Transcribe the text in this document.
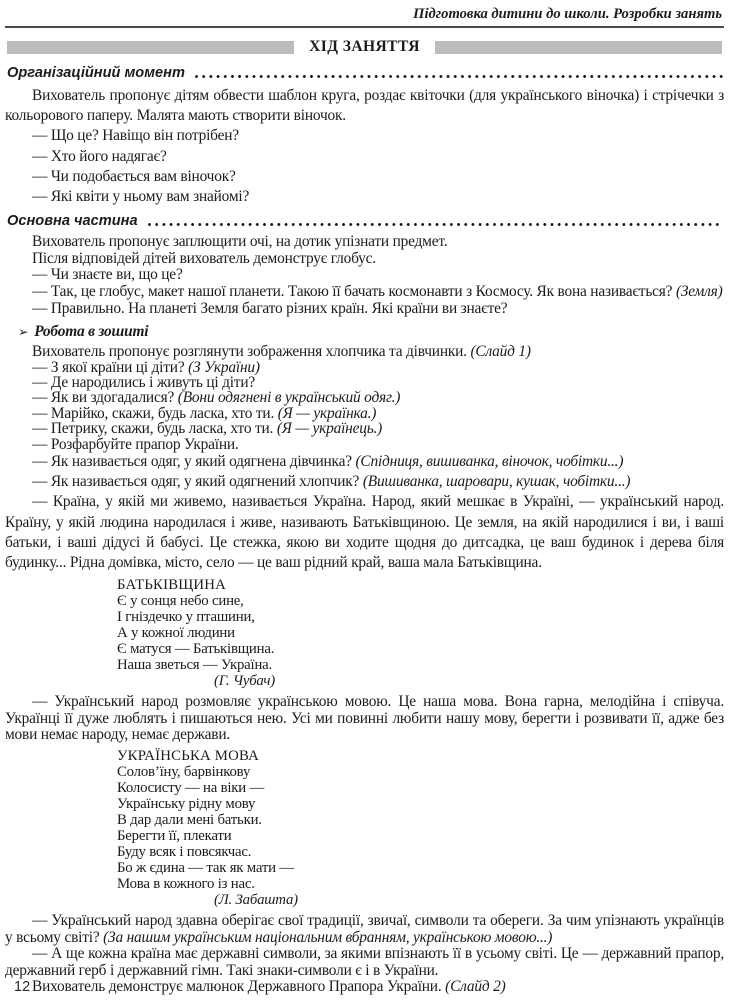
Підготовка дитини до школи. Розробки занять
ХІД ЗАНЯТТЯ
Організаційний момент

Вихователь пропонує дітям обвести шаблон круга, роздає квіточки (для українського віночка) і стрічечки з кольорового паперу. Малята мають створити віночок.

— Що це? Навіщо він потрібен?

— Хто його надягає?

— Чи подобається вам віночок?

— Які квіти у ньому вам знайомі?

Основна частина

Вихователь пропонує заплющити очі, на дотик упізнати предмет.

Після відповідей дітей вихователь демонструє глобус.

— Чи знаєте ви, що це?

— Так, це глобус, макет нашої планети. Такою її бачать космонавти з Космосу. Як вона називається? (Земля)

— Правильно. На планеті Земля багато різних країн. Які країни ви знаєте?

➢ Робота в зошиті

Вихователь пропонує розглянути зображення хлопчика та дівчинки. (Слайд 1)

— З якої країни ці діти? (З України)

— Де народились і живуть ці діти?

— Як ви здогадалися? (Вони одягнені в український одяг.)

— Марійко, скажи, будь ласка, хто ти. (Я — українка.)

— Петрику, скажи, будь ласка, хто ти. (Я — українець.)

— Розфарбуйте прапор України.

— Як називається одяг, у який одягнена дівчинка? (Спідниця, вишиванка, віночок, чобітки...)

— Як називається одяг, у який одягнений хлопчик? (Вишиванка, шаровари, кушак, чобітки...)

— Країна, у якій ми живемо, називається Україна. Народ, який мешкає в Україні, — український народ. Країну, у якій людина народилася і живе, називають Батьківщиною. Це земля, на якій народилися і ви, і ваші батьки, і ваші дідусі й бабусі. Це стежка, якою ви ходите щодня до дитсадка, це ваш будинок і дерева біля будинку... Рідна домівка, місто, село — це ваш рідний край, ваша мала Батьківщина.

БАТЬКІВЩИНА
Є у сонця небо сине,
І гніздечко у пташини,
А у кожної людини
Є матуся — Батьківщина.
Наша зветься — Україна.
(Г. Чубач)

— Український народ розмовляє українською мовою. Це наша мова. Вона гарна, мелодійна і співуча. Українці її дуже люблять і пишаються нею. Усі ми повинні любити нашу мову, берегти і розвивати її, адже без мови немає народу, немає держави.

УКРАЇНСЬКА МОВА
Солов’їну, барвінкову
Колосисту — на віки —
Українську рідну мову
В дар дали мені батьки.
Берегти її, плекати
Буду всяк і повсякчас.
Бо ж єдина — так як мати —
Мова в кожного із нас.
(Л. Забашта)

— Український народ здавна оберігає свої традиції, звичаї, символи та обереги. За чим упізнають українців у всьому світі? (За нашим українським національним вбранням, українською мовою...)

— А ще кожна країна має державні символи, за якими впізнають її в усьому світі. Це — державний прапор, державний герб і державний гімн. Такі знаки-символи є і в України.

Вихователь демонструє малюнок Державного Прапора України. (Слайд 2)

12
